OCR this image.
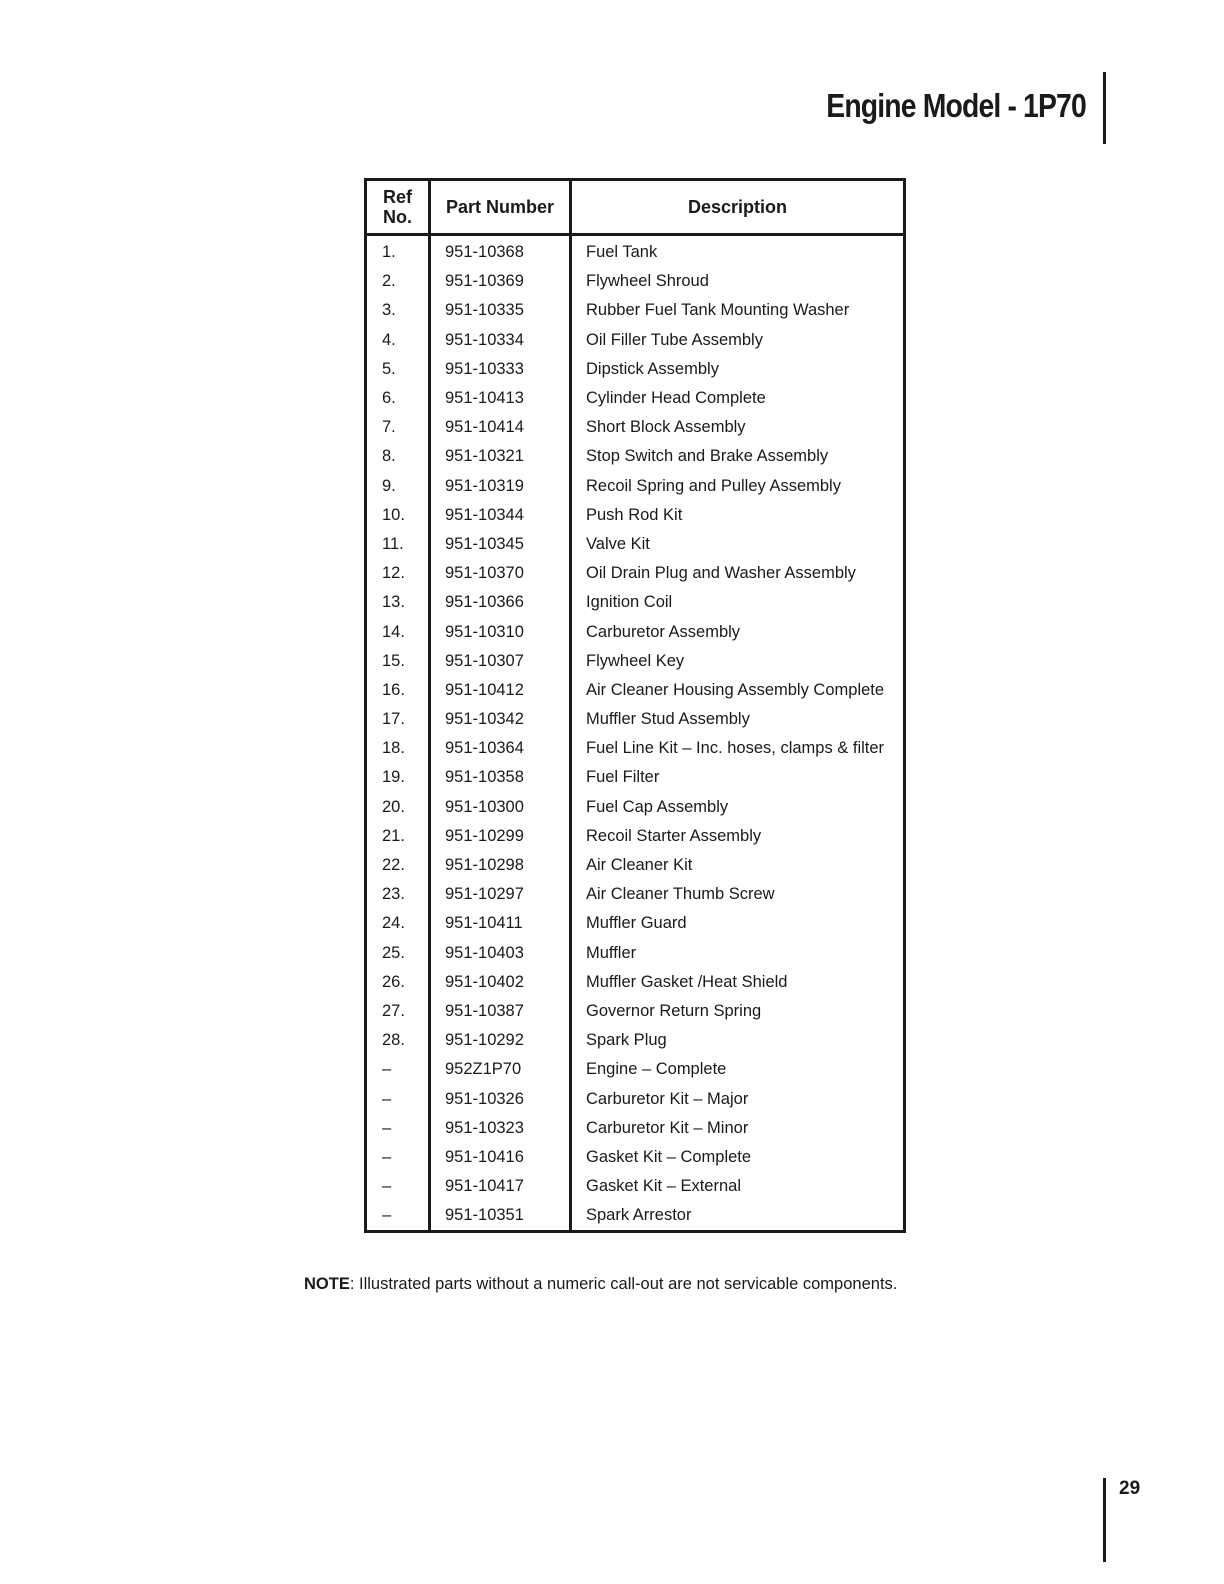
Engine Model - 1P70
Ref
No.	Part Number	Description
1.	951-10368	Fuel Tank
2.	951-10369	Flywheel Shroud
3.	951-10335	Rubber Fuel Tank Mounting Washer
4.	951-10334	Oil Filler Tube Assembly
5.	951-10333	Dipstick Assembly
6.	951-10413	Cylinder Head Complete
7.	951-10414	Short Block Assembly
8.	951-10321	Stop Switch and Brake Assembly
9.	951-10319	Recoil Spring and Pulley Assembly
10.	951-10344	Push Rod Kit
11.	951-10345	Valve Kit
12.	951-10370	Oil Drain Plug and Washer Assembly
13.	951-10366	Ignition Coil
14.	951-10310	Carburetor Assembly
15.	951-10307	Flywheel Key
16.	951-10412	Air Cleaner Housing Assembly Complete
17.	951-10342	Muffler Stud Assembly
18.	951-10364	Fuel Line Kit – Inc. hoses, clamps & filter
19.	951-10358	Fuel Filter
20.	951-10300	Fuel Cap Assembly
21.	951-10299	Recoil Starter Assembly
22.	951-10298	Air Cleaner Kit
23.	951-10297	Air Cleaner Thumb Screw
24.	951-10411	Muffler Guard
25.	951-10403	Muffler
26.	951-10402	Muffler Gasket /Heat Shield
27.	951-10387	Governor Return Spring
28.	951-10292	Spark Plug
–	952Z1P70	Engine – Complete
–	951-10326	Carburetor Kit – Major
–	951-10323	Carburetor Kit – Minor
–	951-10416	Gasket Kit – Complete
–	951-10417	Gasket Kit – External
–	951-10351	Spark Arrestor
NOTE: Illustrated parts without a numeric call-out are not servicable components.
29
